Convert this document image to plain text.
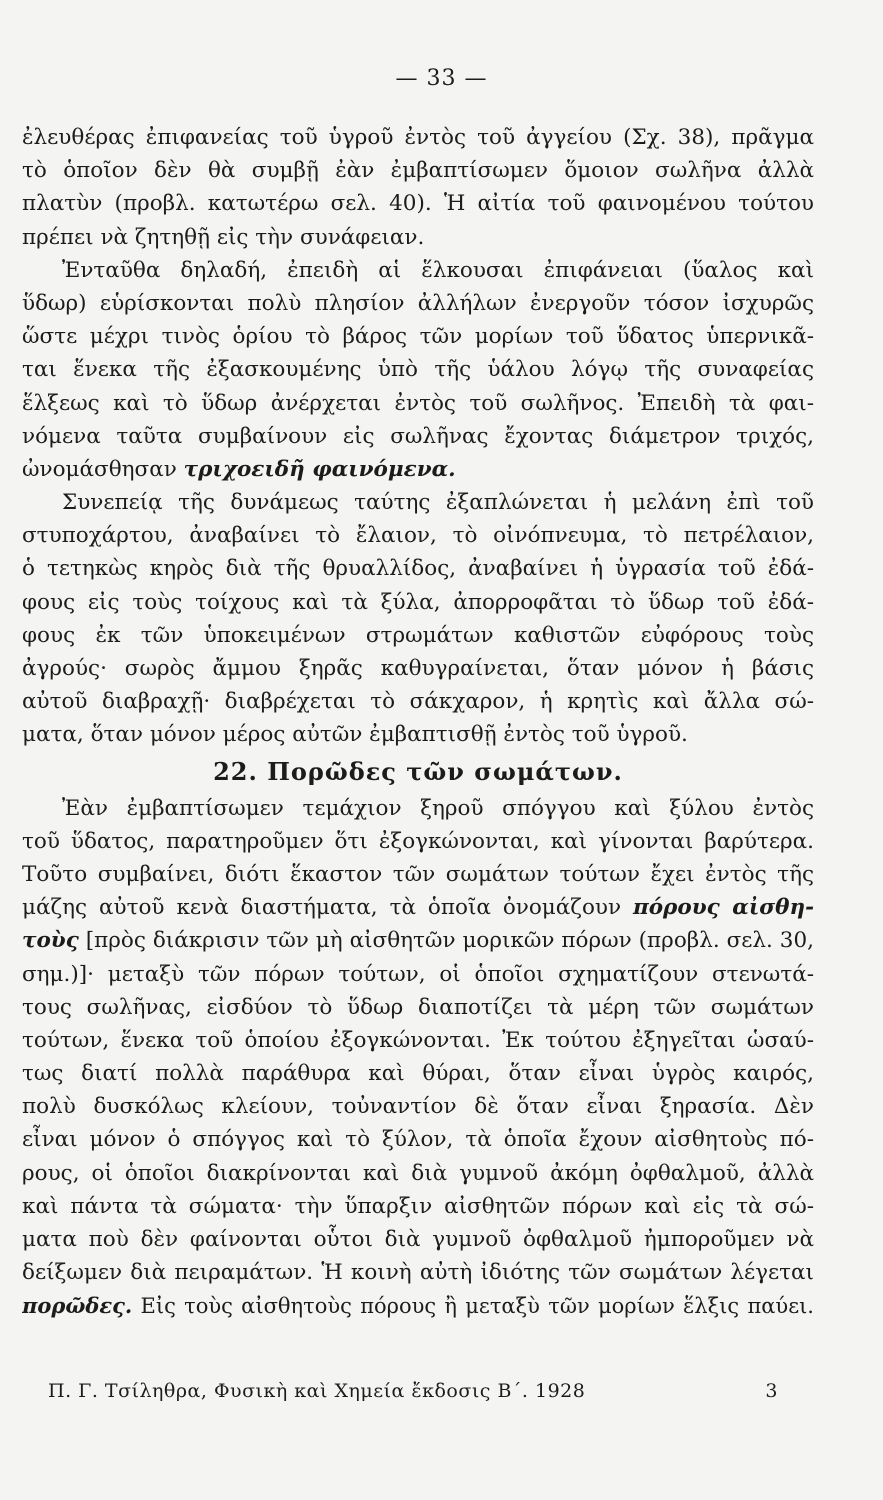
— 33 —
ἐλευθέρας ἐπιφανείας τοῦ ὑγροῦ ἐντὸς τοῦ ἀγγείου (Σχ. 38), πρᾶγμα
τὸ ὁποῖον δὲν θὰ συμβῇ ἐὰν ἐμβαπτίσωμεν ὅμοιον σωλῆνα ἀλλὰ
πλατὺν (προβλ. κατωτέρω σελ. 40). Ἡ αἰτία τοῦ φαινομένου τούτου
πρέπει νὰ ζητηθῇ εἰς τὴν συνάφειαν.
Ἐνταῦθα δηλαδή, ἐπειδὴ αἱ ἕλκουσαι ἐπιφάνειαι (ὕαλος καὶ
ὕδωρ) εὑρίσκονται πολὺ πλησίον ἀλλήλων ἐνεργοῦν τόσον ἰσχυρῶς
ὥστε μέχρι τινὸς ὁρίου τὸ βάρος τῶν μορίων τοῦ ὕδατος ὑπερνικᾶ-
ται ἕνεκα τῆς ἐξασκουμένης ὑπὸ τῆς ὑάλου λόγῳ τῆς συναφείας
ἕλξεως καὶ τὸ ὕδωρ ἀνέρχεται ἐντὸς τοῦ σωλῆνος. Ἐπειδὴ τὰ φαι-
νόμενα ταῦτα συμβαίνουν εἰς σωλῆνας ἔχοντας διάμετρον τριχός,
ὠνομάσθησαν τριχοειδῆ φαινόμενα.
Συνεπείᾳ τῆς δυνάμεως ταύτης ἐξαπλώνεται ἡ μελάνη ἐπὶ τοῦ
στυποχάρτου, ἀναβαίνει τὸ ἔλαιον, τὸ οἰνόπνευμα, τὸ πετρέλαιον,
ὁ τετηκὼς κηρὸς διὰ τῆς θρυαλλίδος, ἀναβαίνει ἡ ὑγρασία τοῦ ἐδά-
φους εἰς τοὺς τοίχους καὶ τὰ ξύλα, ἀπορροφᾶται τὸ ὕδωρ τοῦ ἐδά-
φους ἐκ τῶν ὑποκειμένων στρωμάτων καθιστῶν εὐφόρους τοὺς
ἀγρούς· σωρὸς ἄμμου ξηρᾶς καθυγραίνεται, ὅταν μόνον ἡ βάσις
αὐτοῦ διαβραχῇ· διαβρέχεται τὸ σάκχαρον, ἡ κρητὶς καὶ ἄλλα σώ-
ματα, ὅταν μόνον μέρος αὐτῶν ἐμβαπτισθῇ ἐντὸς τοῦ ὑγροῦ.
22. Πορῶδες τῶν σωμάτων.
Ἐὰν ἐμβαπτίσωμεν τεμάχιον ξηροῦ σπόγγου καὶ ξύλου ἐντὸς
τοῦ ὕδατος, παρατηροῦμεν ὅτι ἐξογκώνονται, καὶ γίνονται βαρύτερα.
Τοῦτο συμβαίνει, διότι ἕκαστον τῶν σωμάτων τούτων ἔχει ἐντὸς τῆς
μάζης αὐτοῦ κενὰ διαστήματα, τὰ ὁποῖα ὀνομάζουν πόρους αἰσθη-
τοὺς [πρὸς διάκρισιν τῶν μὴ αἰσθητῶν μορικῶν πόρων (προβλ. σελ. 30,
σημ.)]· μεταξὺ τῶν πόρων τούτων, οἱ ὁποῖοι σχηματίζουν στενωτά-
τους σωλῆνας, εἰσδύον τὸ ὕδωρ διαποτίζει τὰ μέρη τῶν σωμάτων
τούτων, ἕνεκα τοῦ ὁποίου ἐξογκώνονται. Ἐκ τούτου ἐξηγεῖται ὡσαύ-
τως διατί πολλὰ παράθυρα καὶ θύραι, ὅταν εἶναι ὑγρὸς καιρός,
πολὺ δυσκόλως κλείουν, τοὐναντίον δὲ ὅταν εἶναι ξηρασία. Δὲν
εἶναι μόνον ὁ σπόγγος καὶ τὸ ξύλον, τὰ ὁποῖα ἔχουν αἰσθητοὺς πό-
ρους, οἱ ὁποῖοι διακρίνονται καὶ διὰ γυμνοῦ ἀκόμη ὀφθαλμοῦ, ἀλλὰ
καὶ πάντα τὰ σώματα· τὴν ὕπαρξιν αἰσθητῶν πόρων καὶ εἰς τὰ σώ-
ματα ποὺ δὲν φαίνονται οὗτοι διὰ γυμνοῦ ὀφθαλμοῦ ἠμποροῦμεν νὰ
δείξωμεν διὰ πειραμάτων. Ἡ κοινὴ αὐτὴ ἰδιότης τῶν σωμάτων λέγεται
πορῶδες. Εἰς τοὺς αἰσθητοὺς πόρους ἢ μεταξὺ τῶν μορίων ἕλξις παύει.
Π. Γ. Τσίληθρα, Φυσικὴ καὶ Χημεία ἔκδοσις Β΄. 1928	3
